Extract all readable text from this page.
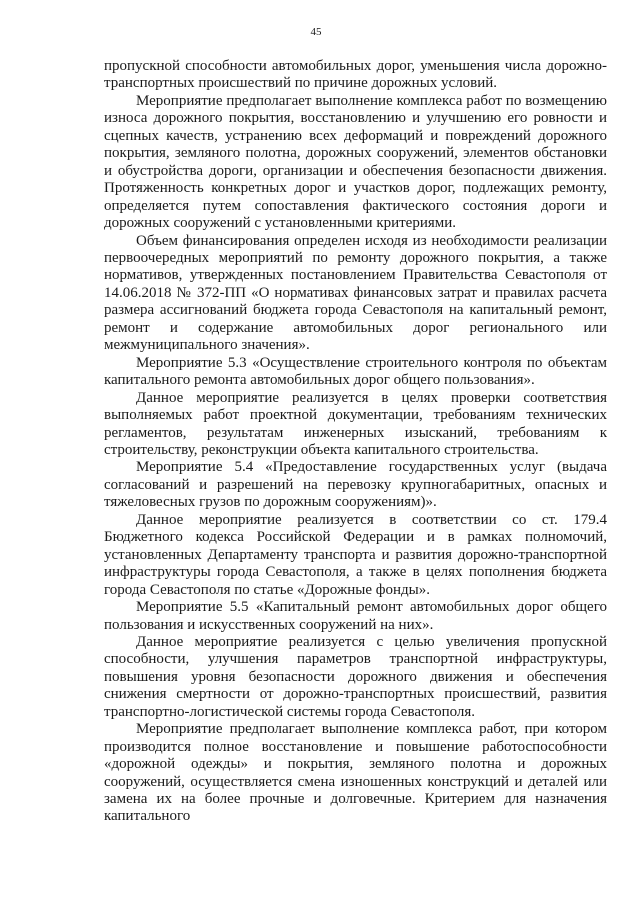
45

пропускной способности автомобильных дорог, уменьшения числа дорожно-транспортных происшествий по причине дорожных условий.

Мероприятие предполагает выполнение комплекса работ по возмещению износа дорожного покрытия, восстановлению и улучшению его ровности и сцепных качеств, устранению всех деформаций и повреждений дорожного покрытия, земляного полотна, дорожных сооружений, элементов обстановки и обустройства дороги, организации и обеспечения безопасности движения. Протяженность конкретных дорог и участков дорог, подлежащих ремонту, определяется путем сопоставления фактического состояния дороги и дорожных сооружений с установленными критериями.

Объем финансирования определен исходя из необходимости реализации первоочередных мероприятий по ремонту дорожного покрытия, а также нормативов, утвержденных постановлением Правительства Севастополя от 14.06.2018 № 372-ПП «О нормативах финансовых затрат и правилах расчета размера ассигнований бюджета города Севастополя на капитальный ремонт, ремонт и содержание автомобильных дорог регионального или межмуниципального значения».

Мероприятие 5.3 «Осуществление строительного контроля по объектам капитального ремонта автомобильных дорог общего пользования».

Данное мероприятие реализуется в целях проверки соответствия выполняемых работ проектной документации, требованиям технических регламентов, результатам инженерных изысканий, требованиям к строительству, реконструкции объекта капитального строительства.

Мероприятие 5.4 «Предоставление государственных услуг (выдача согласований и разрешений на перевозку крупногабаритных, опасных и тяжеловесных грузов по дорожным сооружениям)».

Данное мероприятие реализуется в соответствии со ст. 179.4 Бюджетного кодекса Российской Федерации и в рамках полномочий, установленных Департаменту транспорта и развития дорожно-транспортной инфраструктуры города Севастополя, а также в целях пополнения бюджета города Севастополя по статье «Дорожные фонды».

Мероприятие 5.5 «Капитальный ремонт автомобильных дорог общего пользования и искусственных сооружений на них».

Данное мероприятие реализуется с целью увеличения пропускной способности, улучшения параметров транспортной инфраструктуры, повышения уровня безопасности дорожного движения и обеспечения снижения смертности от дорожно-транспортных происшествий, развития транспортно-логистической системы города Севастополя.

Мероприятие предполагает выполнение комплекса работ, при котором производится полное восстановление и повышение работоспособности «дорожной одежды» и покрытия, земляного полотна и дорожных сооружений, осуществляется смена изношенных конструкций и деталей или замена их на более прочные и долговечные. Критерием для назначения капитального
